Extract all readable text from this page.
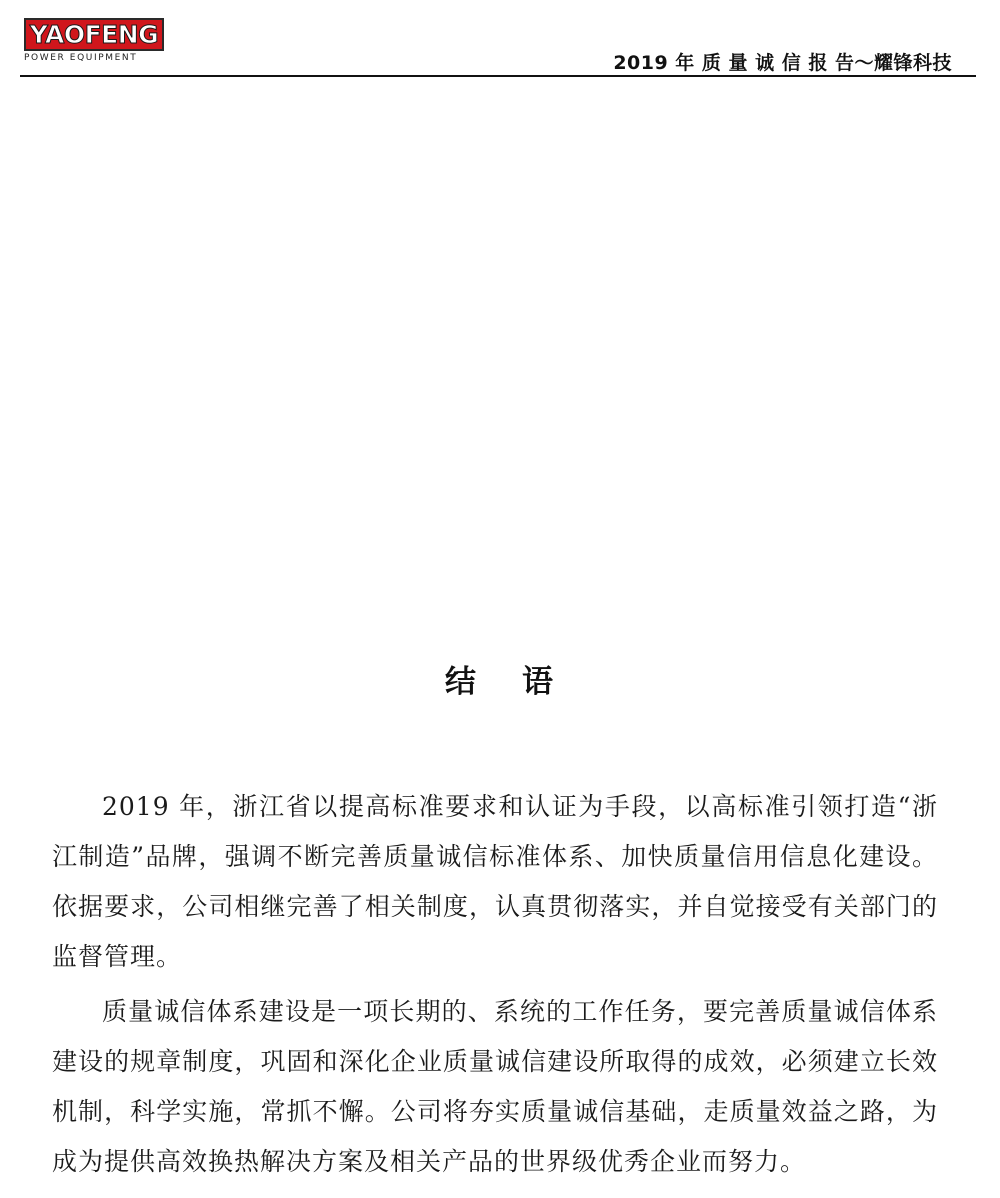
YAOFENG
POWER EQUIPMENT	2019 年 质 量 诚 信 报 告～耀锋科技
结 语

2019 年，浙江省以提高标准要求和认证为手段，以高标准引领打造“浙江制造”品牌，强调不断完善质量诚信标准体系、加快质量信用信息化建设。依据要求，公司相继完善了相关制度，认真贯彻落实，并自觉接受有关部门的监督管理。

质量诚信体系建设是一项长期的、系统的工作任务，要完善质量诚信体系建设的规章制度，巩固和深化企业质量诚信建设所取得的成效，必须建立长效 机制，科学实施，常抓不懈。公司将夯实质量诚信基础，走质量效益之路，为成为提供高效换热解决方案及相关产品的世界级优秀企业而努力。
